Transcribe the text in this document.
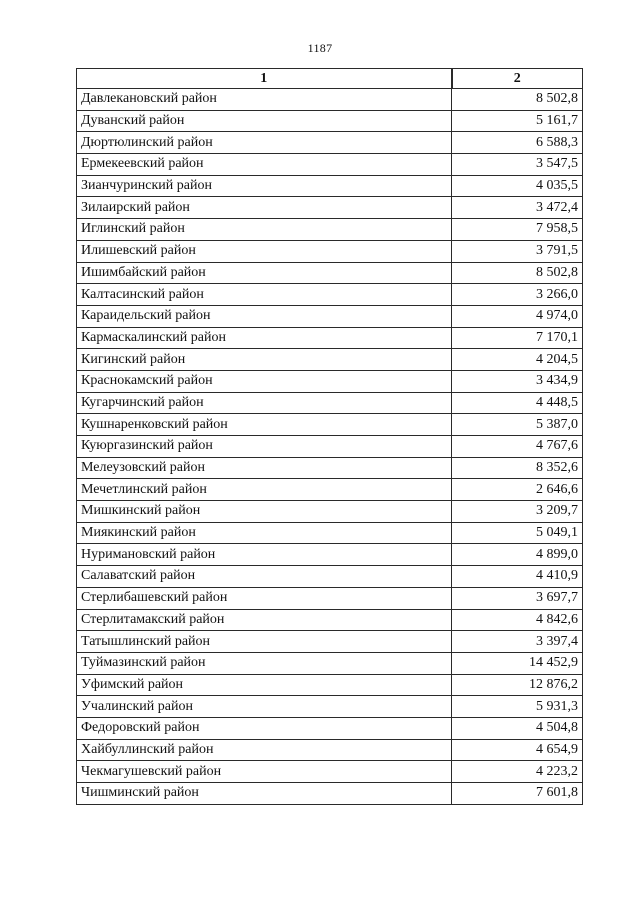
1187
1	2
Давлекановский район	8 502,8
Дуванский район	5 161,7
Дюртюлинский район	6 588,3
Ермекеевский район	3 547,5
Зианчуринский район	4 035,5
Зилаирский район	3 472,4
Иглинский район	7 958,5
Илишевский район	3 791,5
Ишимбайский район	8 502,8
Калтасинский район	3 266,0
Караидельский район	4 974,0
Кармаскалинский район	7 170,1
Кигинский район	4 204,5
Краснокамский район	3 434,9
Кугарчинский район	4 448,5
Кушнаренковский район	5 387,0
Куюргазинский район	4 767,6
Мелеузовский район	8 352,6
Мечетлинский район	2 646,6
Мишкинский район	3 209,7
Миякинский район	5 049,1
Нуримановский район	4 899,0
Салаватский район	4 410,9
Стерлибашевский район	3 697,7
Стерлитамакский район	4 842,6
Татышлинский район	3 397,4
Туймазинский район	14 452,9
Уфимский район	12 876,2
Учалинский район	5 931,3
Федоровский район	4 504,8
Хайбуллинский район	4 654,9
Чекмагушевский район	4 223,2
Чишминский район	7 601,8
